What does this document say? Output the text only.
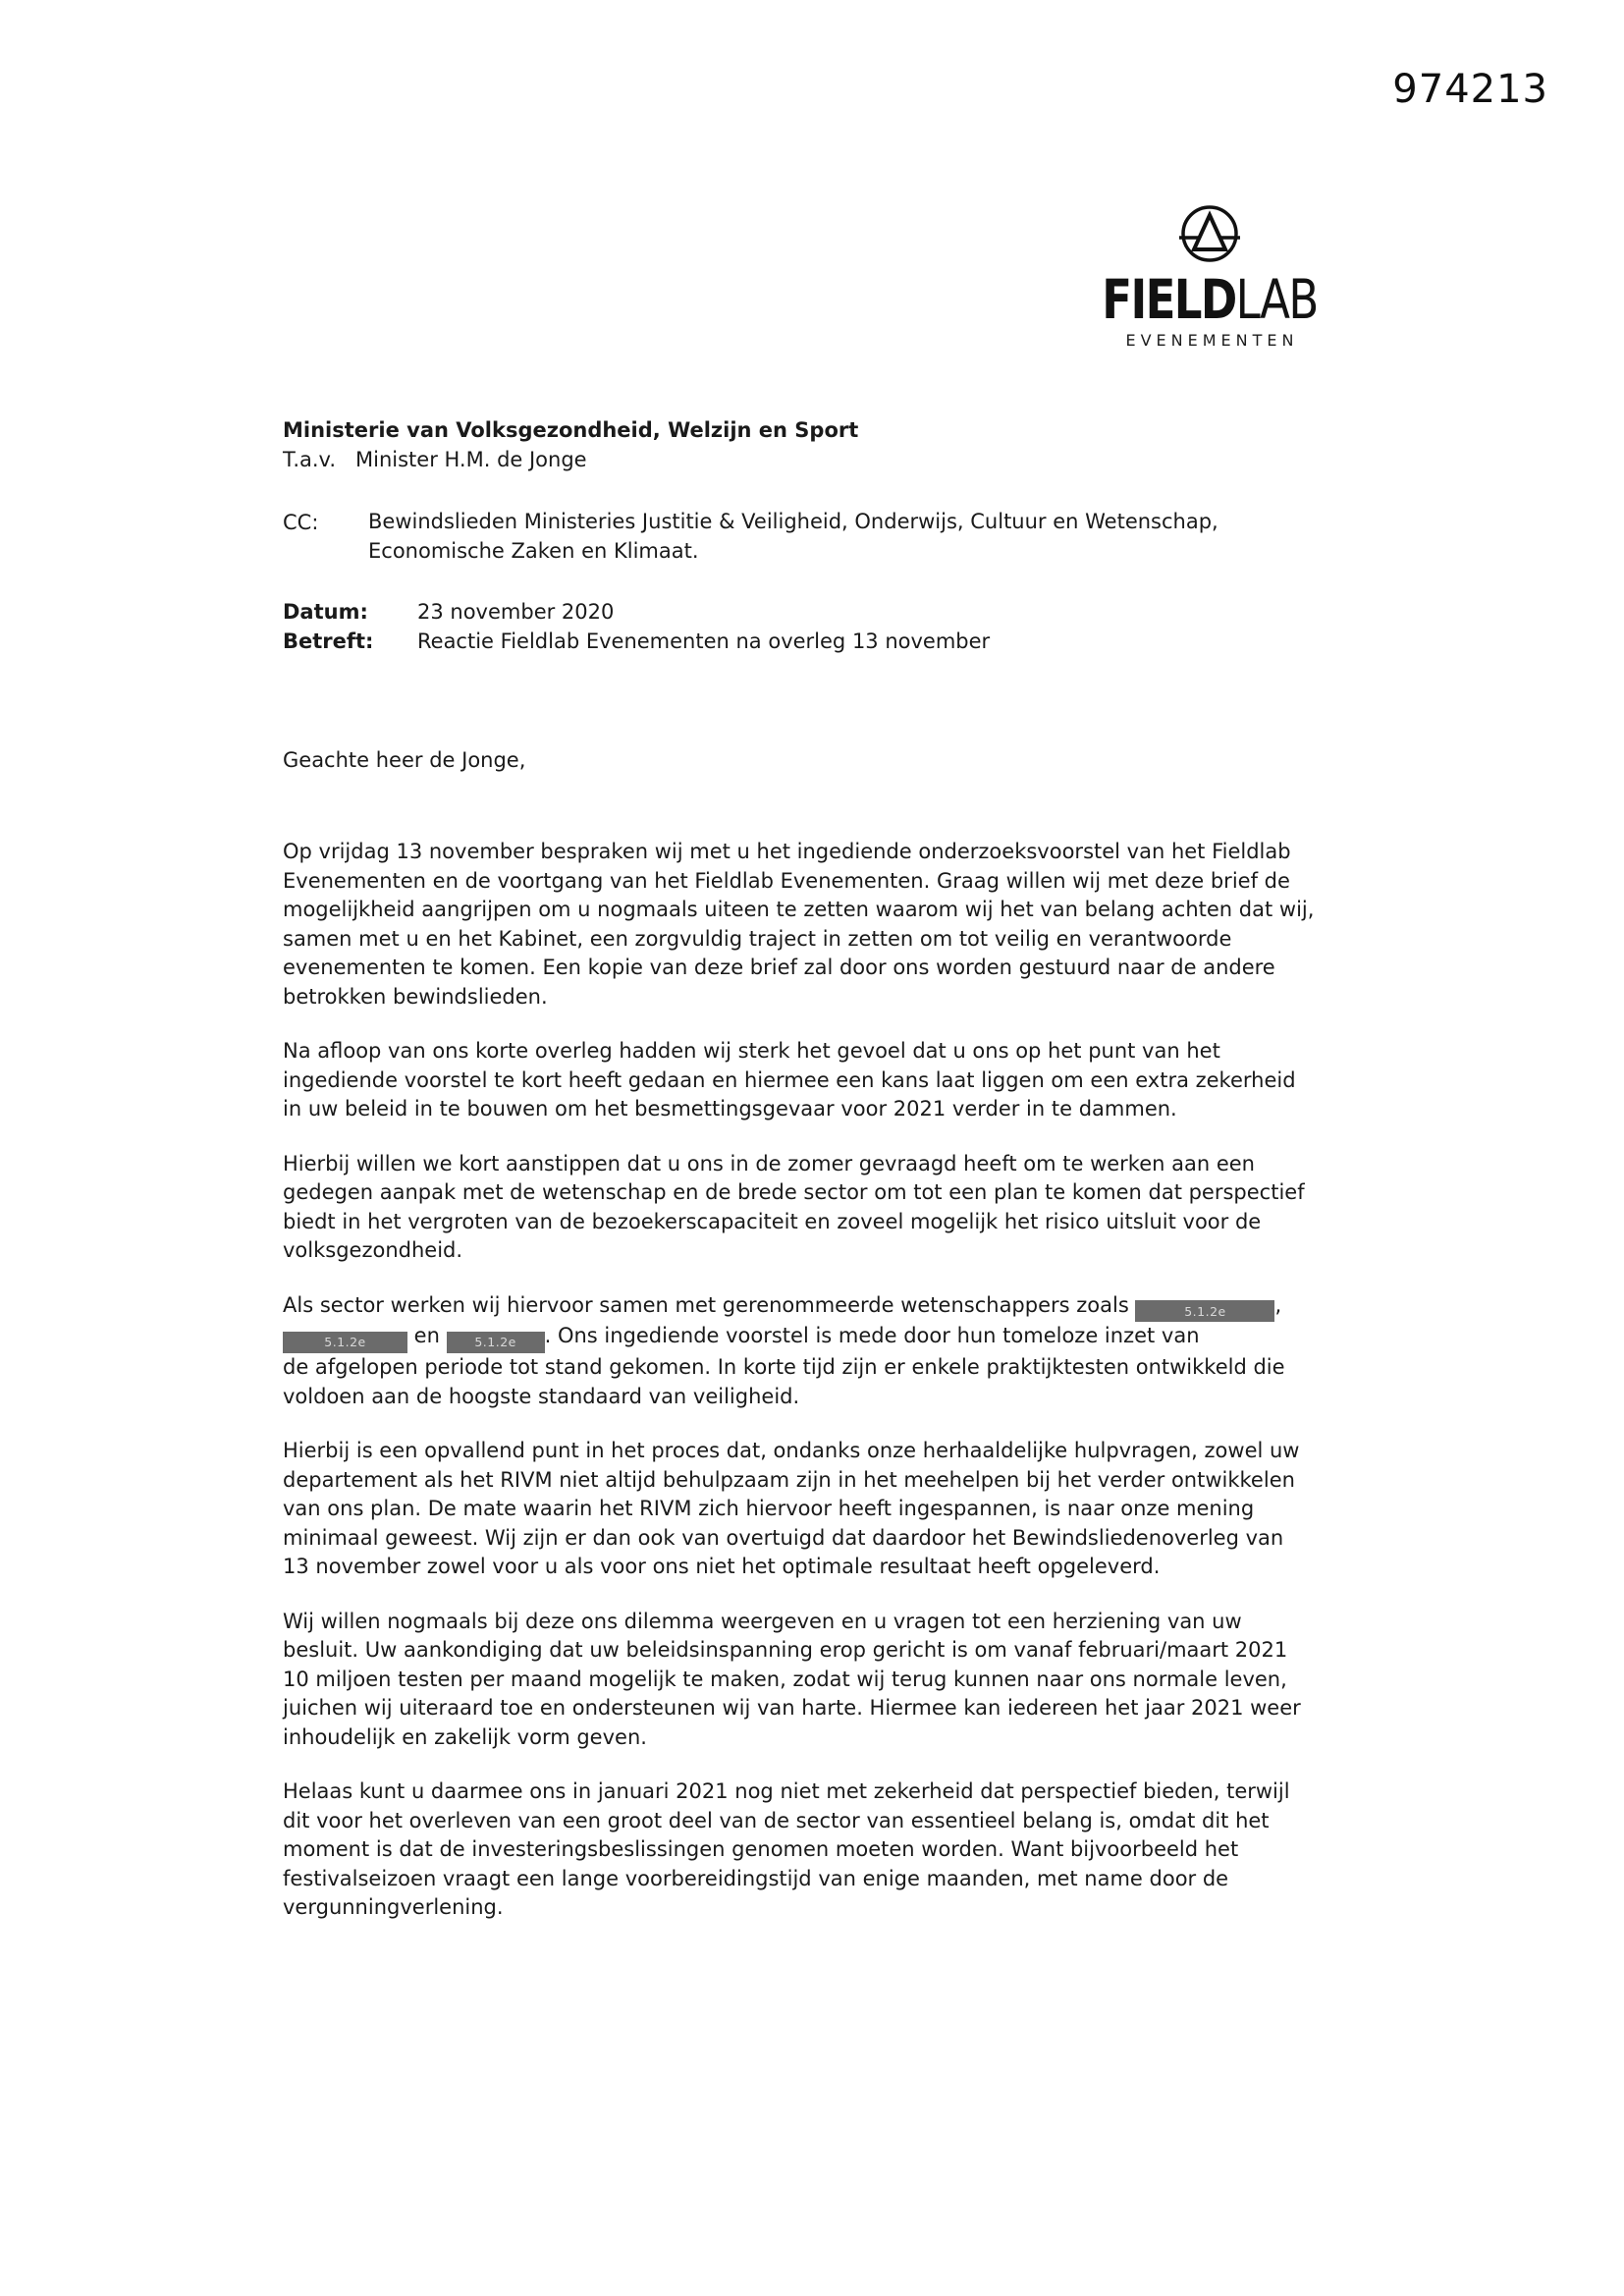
974213
FIELDLAB
EVENEMENTEN
Ministerie van Volksgezondheid, Welzijn en Sport
T.a.v. Minister H.M. de Jonge
CC:	Bewindslieden Ministeries Justitie & Veiligheid, Onderwijs, Cultuur en Wetenschap,
Economische Zaken en Klimaat.
Datum:	23 november 2020
Betreft:	Reactie Fieldlab Evenementen na overleg 13 november
Geachte heer de Jonge,
Op vrijdag 13 november bespraken wij met u het ingediende onderzoeksvoorstel van het Fieldlab
Evenementen en de voortgang van het Fieldlab Evenementen. Graag willen wij met deze brief de
mogelijkheid aangrijpen om u nogmaals uiteen te zetten waarom wij het van belang achten dat wij,
samen met u en het Kabinet, een zorgvuldig traject in zetten om tot veilig en verantwoorde
evenementen te komen. Een kopie van deze brief zal door ons worden gestuurd naar de andere
betrokken bewindslieden.
Na afloop van ons korte overleg hadden wij sterk het gevoel dat u ons op het punt van het
ingediende voorstel te kort heeft gedaan en hiermee een kans laat liggen om een extra zekerheid
in uw beleid in te bouwen om het besmettingsgevaar voor 2021 verder in te dammen.
Hierbij willen we kort aanstippen dat u ons in de zomer gevraagd heeft om te werken aan een
gedegen aanpak met de wetenschap en de brede sector om tot een plan te komen dat perspectief
biedt in het vergroten van de bezoekerscapaciteit en zoveel mogelijk het risico uitsluit voor de
volksgezondheid.
Als sector werken wij hiervoor samen met gerenommeerde wetenschappers zoals	5.1.2e ,
5.1.2e en 5.1.2e . Ons ingediende voorstel is mede door hun tomeloze inzet van
de afgelopen periode tot stand gekomen. In korte tijd zijn er enkele praktijktesten ontwikkeld die
voldoen aan de hoogste standaard van veiligheid.
Hierbij is een opvallend punt in het proces dat, ondanks onze herhaaldelijke hulpvragen, zowel uw
departement als het RIVM niet altijd behulpzaam zijn in het meehelpen bij het verder ontwikkelen
van ons plan. De mate waarin het RIVM zich hiervoor heeft ingespannen, is naar onze mening
minimaal geweest. Wij zijn er dan ook van overtuigd dat daardoor het Bewindsliedenoverleg van
13 november zowel voor u als voor ons niet het optimale resultaat heeft opgeleverd.
Wij willen nogmaals bij deze ons dilemma weergeven en u vragen tot een herziening van uw
besluit. Uw aankondiging dat uw beleidsinspanning erop gericht is om vanaf februari/maart 2021
10 miljoen testen per maand mogelijk te maken, zodat wij terug kunnen naar ons normale leven,
juichen wij uiteraard toe en ondersteunen wij van harte. Hiermee kan iedereen het jaar 2021 weer
inhoudelijk en zakelijk vorm geven.
Helaas kunt u daarmee ons in januari 2021 nog niet met zekerheid dat perspectief bieden, terwijl
dit voor het overleven van een groot deel van de sector van essentieel belang is, omdat dit het
moment is dat de investeringsbeslissingen genomen moeten worden. Want bijvoorbeeld het
festivalseizoen vraagt een lange voorbereidingstijd van enige maanden, met name door de
vergunningverlening.
